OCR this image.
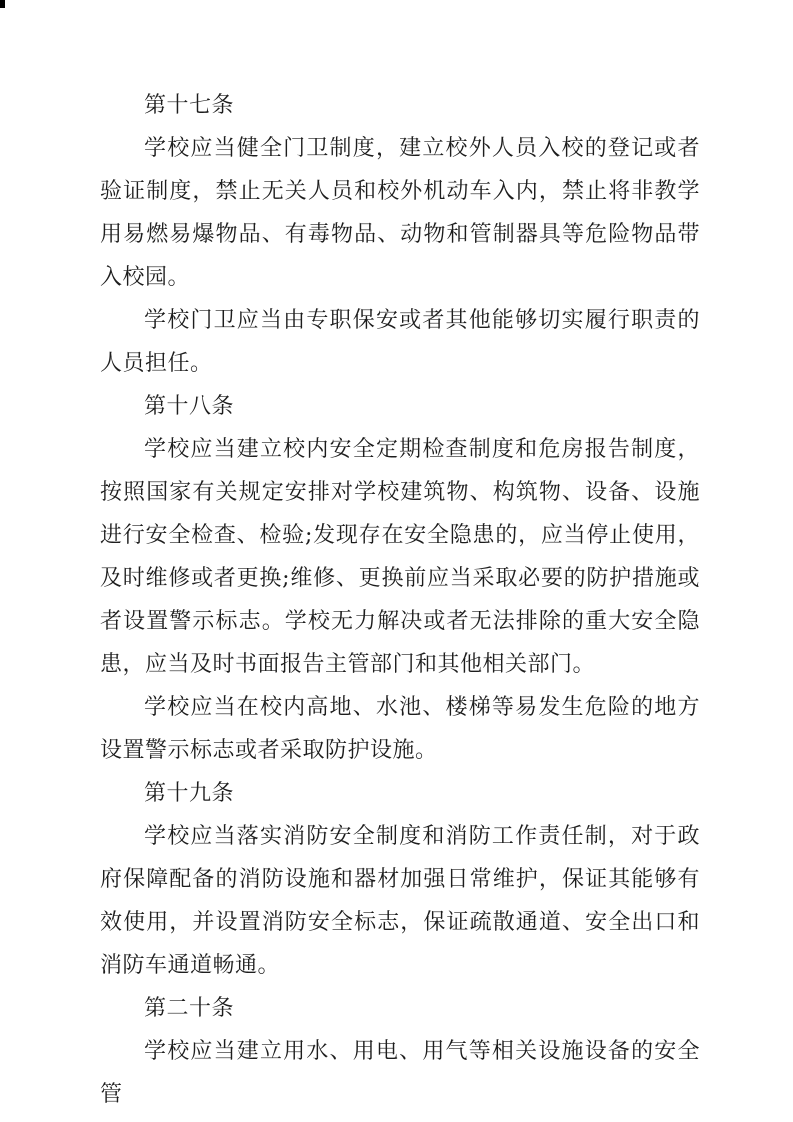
第十七条

学校应当健全门卫制度，建立校外人员入校的登记或者验证制度，禁止无关人员和校外机动车入内，禁止将非教学用易燃易爆物品、有毒物品、动物和管制器具等危险物品带入校园。

学校门卫应当由专职保安或者其他能够切实履行职责的人员担任。

第十八条

学校应当建立校内安全定期检查制度和危房报告制度，按照国家有关规定安排对学校建筑物、构筑物、设备、设施进行安全检查、检验;发现存在安全隐患的，应当停止使用，及时维修或者更换;维修、更换前应当采取必要的防护措施或者设置警示标志。学校无力解决或者无法排除的重大安全隐患，应当及时书面报告主管部门和其他相关部门。

学校应当在校内高地、水池、楼梯等易发生危险的地方设置警示标志或者采取防护设施。

第十九条

学校应当落实消防安全制度和消防工作责任制，对于政府保障配备的消防设施和器材加强日常维护，保证其能够有效使用，并设置消防安全标志，保证疏散通道、安全出口和消防车通道畅通。

第二十条

学校应当建立用水、用电、用气等相关设施设备的安全管
